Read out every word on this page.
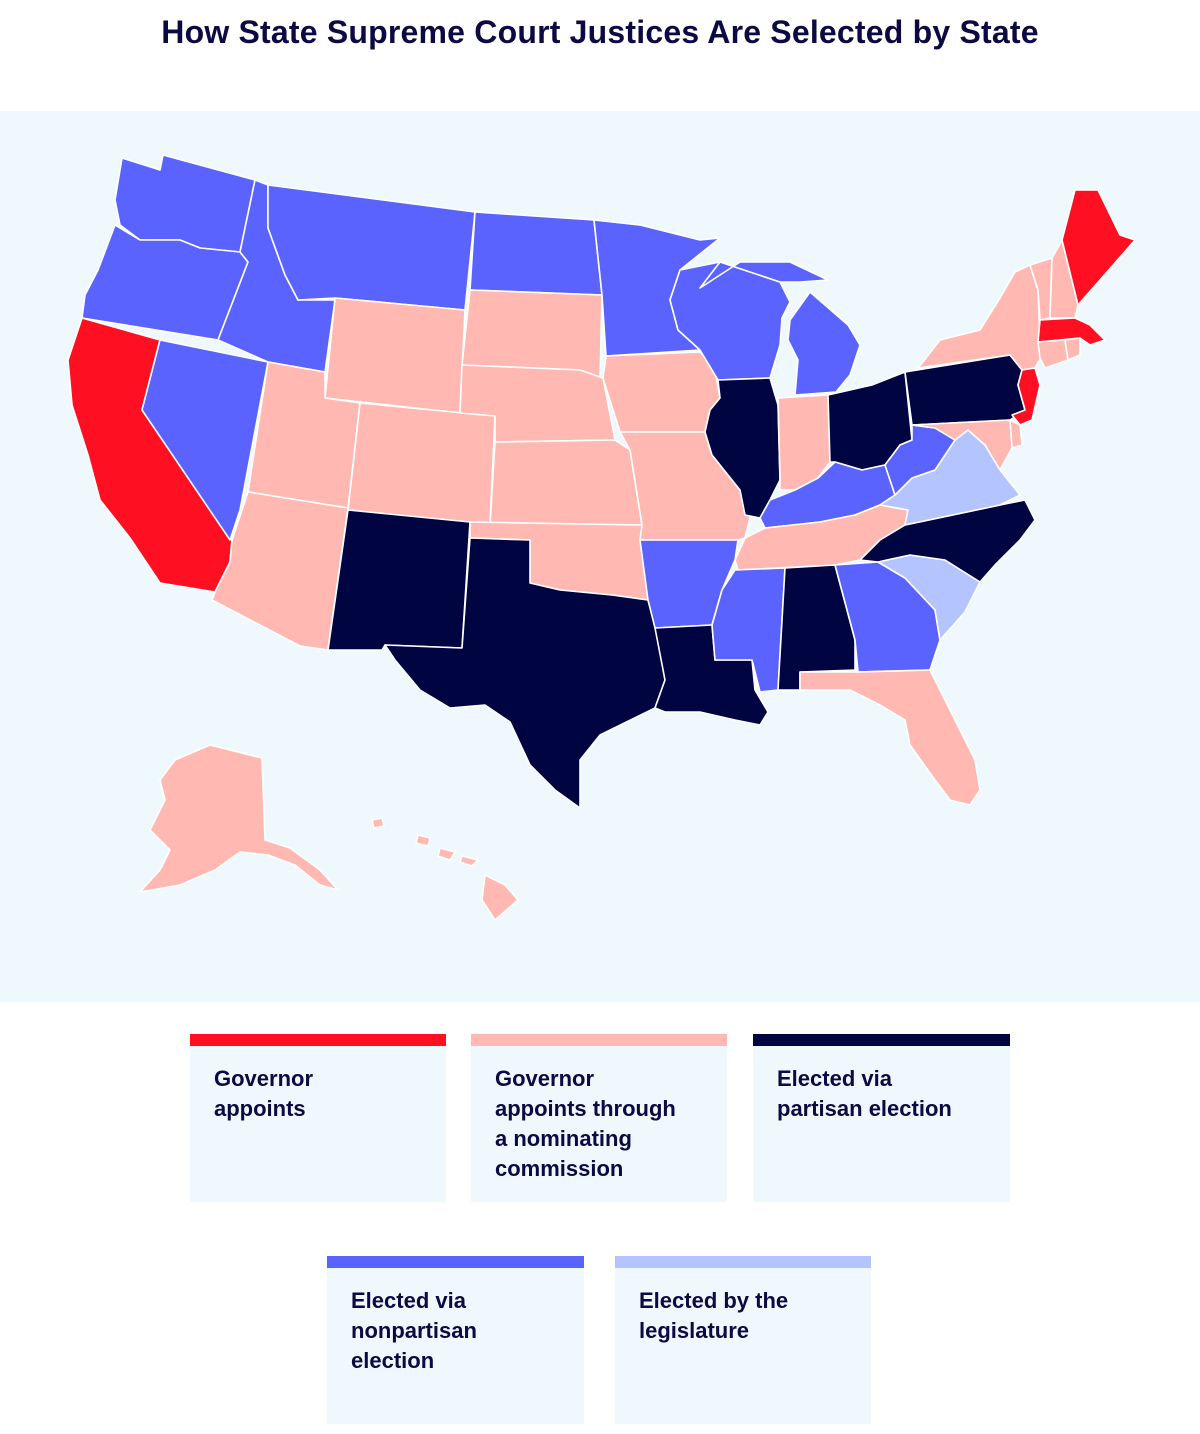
How State Supreme Court Justices Are Selected by State
Governor
appoints
Governor
appoints through
a nominating
commission
Elected via
partisan election
Elected via
nonpartisan
election
Elected by the
legislature
